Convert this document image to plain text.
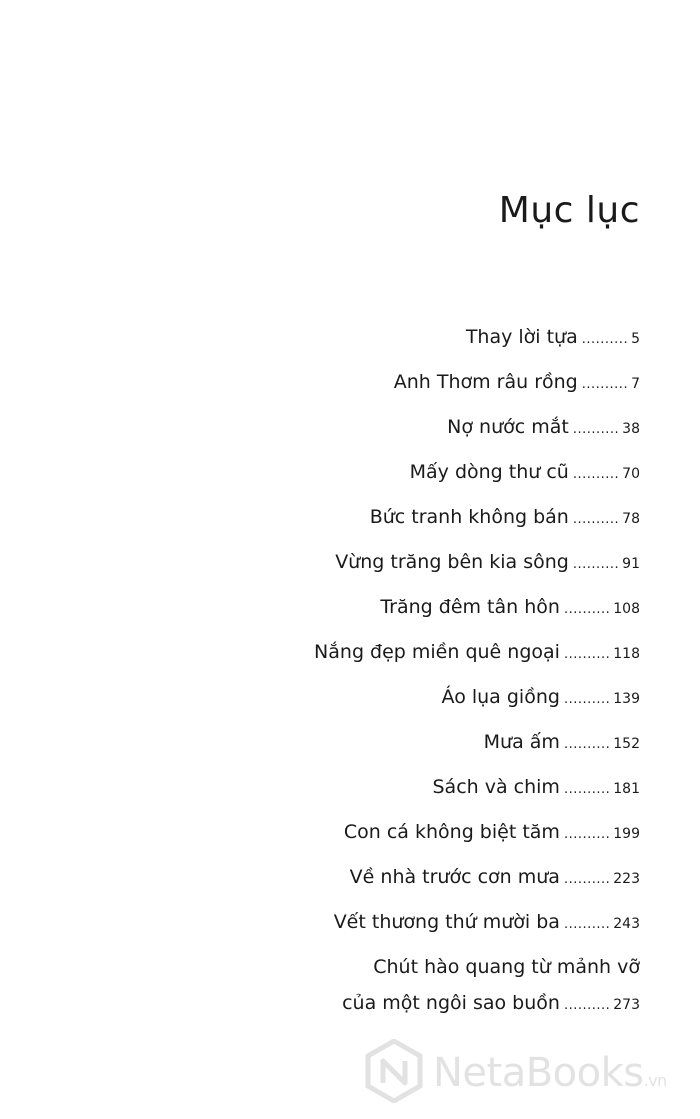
Mục lục
Thay lời tựa .......... 5
Anh Thơm râu rồng .......... 7
Nợ nước mắt .......... 38
Mấy dòng thư cũ .......... 70
Bức tranh không bán .......... 78
Vừng trăng bên kia sông .......... 91
Trăng đêm tân hôn .......... 108
Nắng đẹp miền quê ngoại .......... 118
Áo lụa giồng .......... 139
Mưa ấm .......... 152
Sách và chim .......... 181
Con cá không biệt tăm .......... 199
Về nhà trước cơn mưa .......... 223
Vết thương thứ mười ba .......... 243
Chút hào quang từ mảnh vỡ
của một ngôi sao buồn .......... 273
NetaBooks.vn
